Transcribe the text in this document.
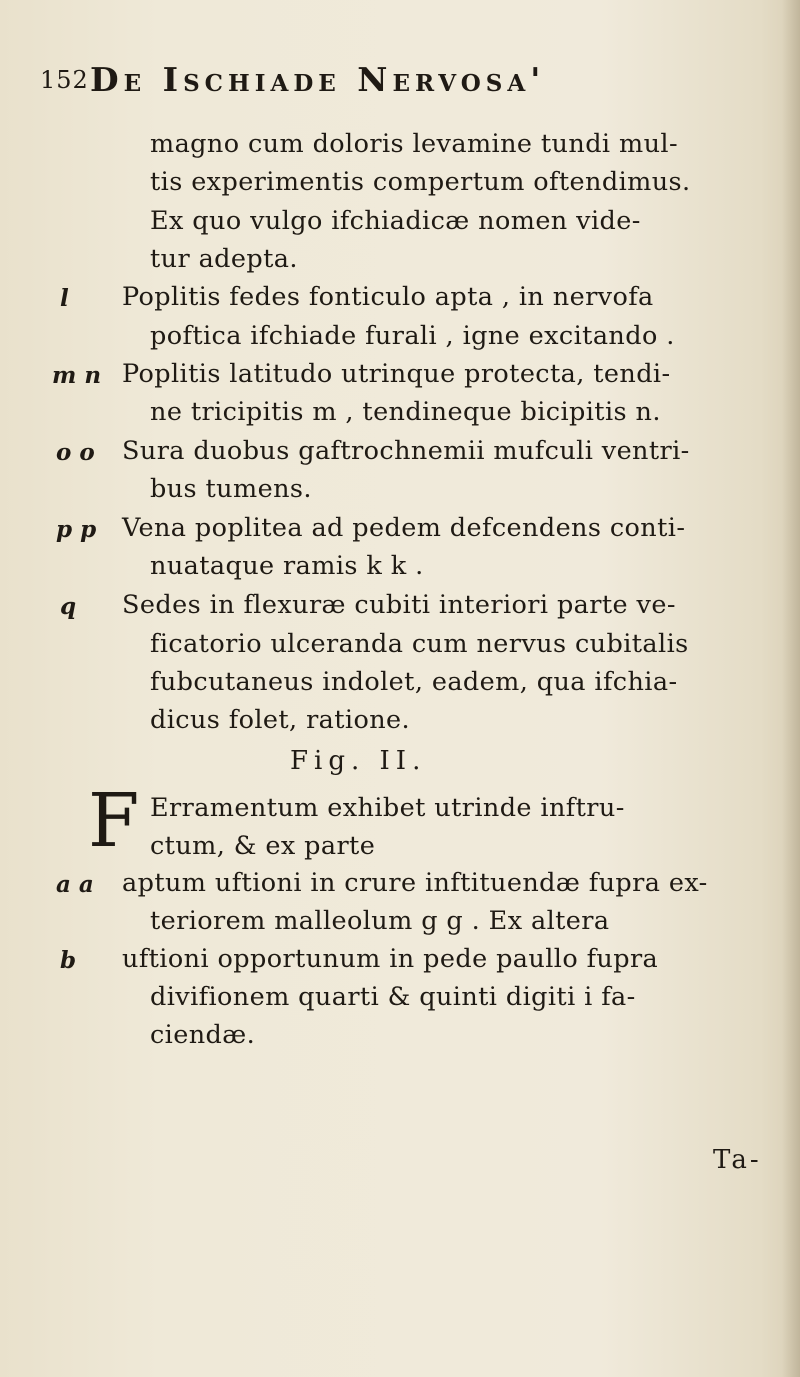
152 De Ischiade Nervosa'
magno cum doloris levamine tundi mul-
tis experimentis compertum oftendimus.
Ex quo vulgo ifchiadicæ nomen vide-
tur adepta.
l Poplitis fedes fonticulo apta , in nervofa
poftica ifchiade furali , igne excitando .
m n Poplitis latitudo utrinque protecta, tendi-
ne tricipitis m , tendineque bicipitis n.
o o Sura duobus gaftrochnemii mufculi ventri-
bus tumens.
p p Vena poplitea ad pedem defcendens conti-
nuataque ramis k k .
q Sedes in flexuræ cubiti interiori parte ve-
ficatorio ulceranda cum nervus cubitalis
fubcutaneus indolet, eadem, qua ifchia-
dicus folet, ratione.
Fig. II.
F Erramentum exhibet utrinde inftru-
ctum, & ex parte
a a aptum uftioni in crure inftituendæ fupra ex-
teriorem malleolum g g . Ex altera
b uftioni opportunum in pede paullo fupra
divifionem quarti & quinti digiti i fa-
ciendæ.
Ta-
